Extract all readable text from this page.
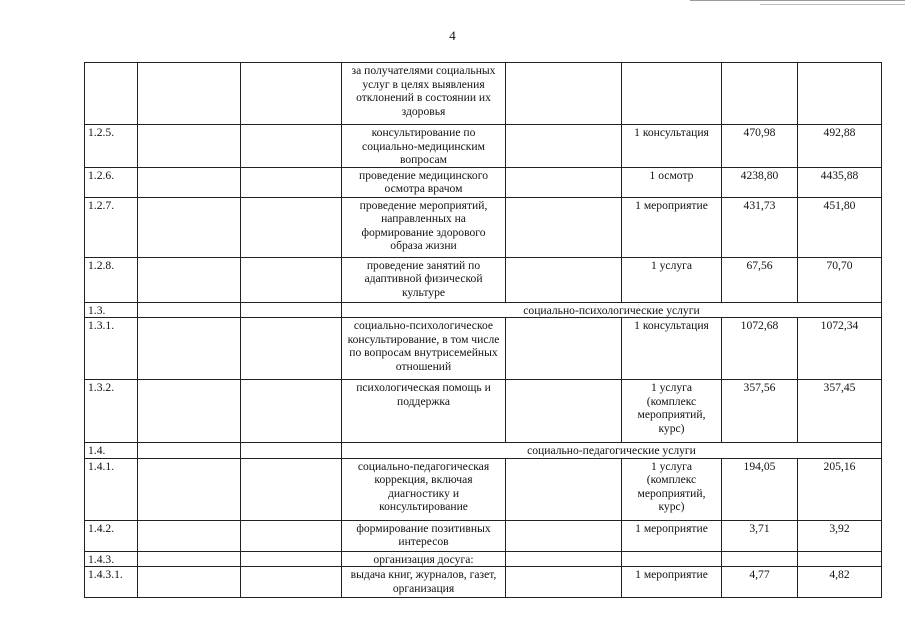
4
			за получателями социальных услуг в целях выявления отклонений в состоянии их здоровья				
1.2.5.			консультирование по социально-медицинским вопросам		1 консультация	470,98	492,88
1.2.6.			проведение медицинского осмотра врачом		1 осмотр	4238,80	4435,88
1.2.7.			проведение мероприятий, направленных на формирование здорового образа жизни		1 мероприятие	431,73	451,80
1.2.8.			проведение занятий по адаптивной физической культуре		1 услуга	67,56	70,70
1.3.			социально-психологические услуги				
1.3.1.			социально-психологическое консультирование, в том числе по вопросам внутрисемейных отношений		1 консультация	1072,68	1072,34
1.3.2.			психологическая помощь и поддержка		1 услуга (комплекс мероприятий, курс)	357,56	357,45
1.4.			социально-педагогические услуги				
1.4.1.			социально-педагогическая коррекция, включая диагностику и консультирование		1 услуга (комплекс мероприятий, курс)	194,05	205,16
1.4.2.			формирование позитивных интересов		1 мероприятие	3,71	3,92
1.4.3.			организация досуга:				
1.4.3.1.			выдача книг, журналов, газет, организация		1 мероприятие	4,77	4,82
